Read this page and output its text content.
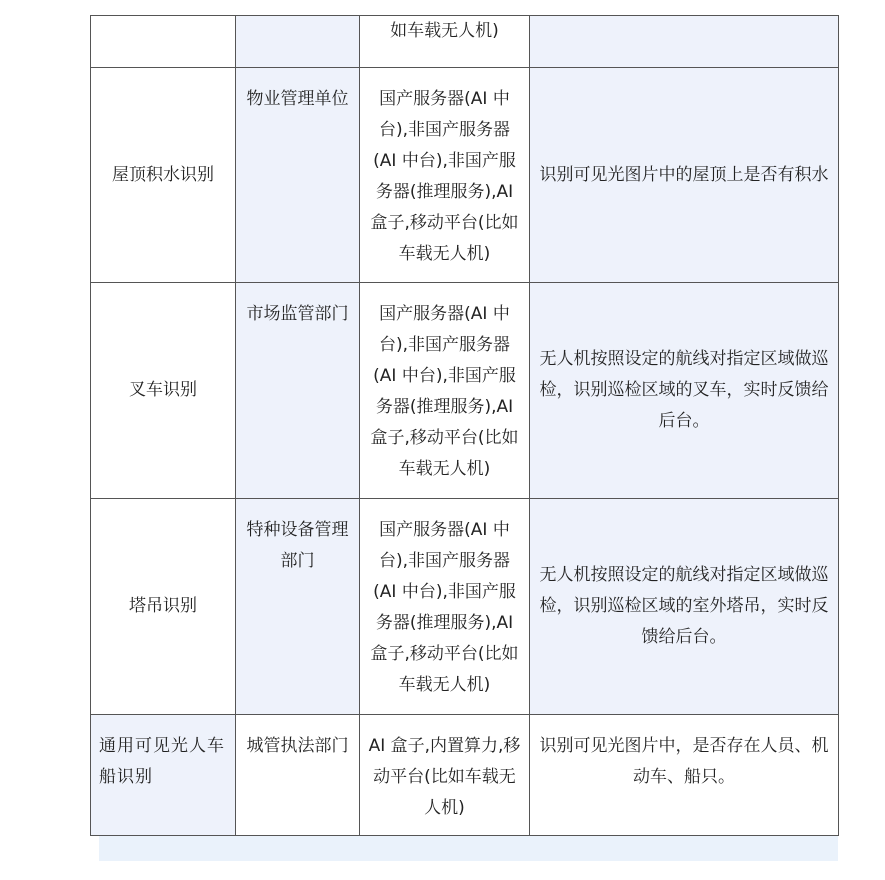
		如车载无人机)	
屋顶积水识别	物业管理单位	国产服务器(AI 中台),非国产服务器(AI 中台),非国产服务器(推理服务),AI 盒子,移动平台(比如车载无人机)	识别可见光图片中的屋顶上是否有积水
叉车识别	市场监管部门	国产服务器(AI 中台),非国产服务器(AI 中台),非国产服务器(推理服务),AI 盒子,移动平台(比如车载无人机)	无人机按照设定的航线对指定区域做巡检，识别巡检区域的叉车，实时反馈给后台。
塔吊识别	特种设备管理部门	国产服务器(AI 中台),非国产服务器(AI 中台),非国产服务器(推理服务),AI 盒子,移动平台(比如车载无人机)	无人机按照设定的航线对指定区域做巡检，识别巡检区域的室外塔吊，实时反馈给后台。
通用可见光人车船识别	城管执法部门	AI 盒子,内置算力,移动平台(比如车载无人机)	识别可见光图片中，是否存在人员、机动车、船只。
